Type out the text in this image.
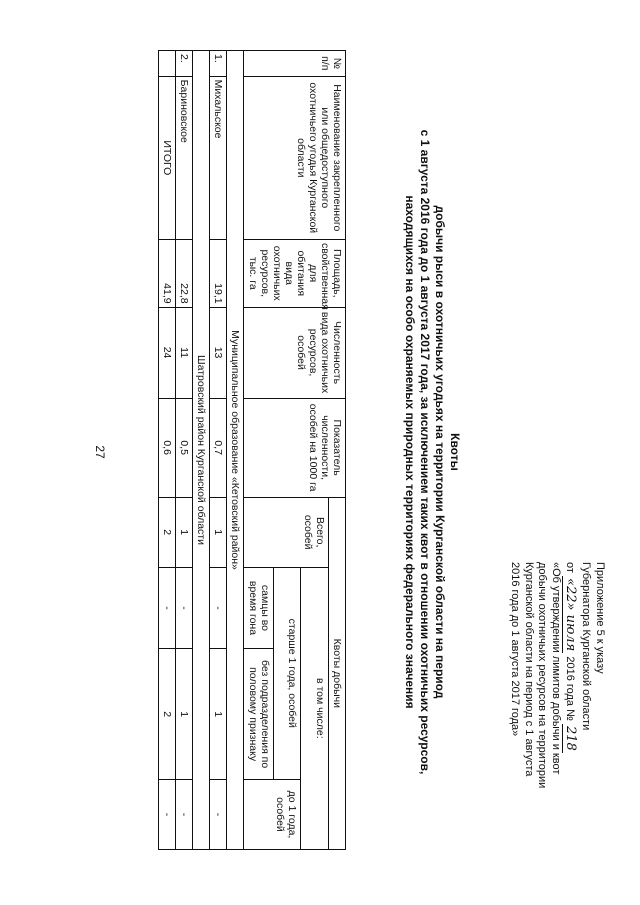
27
Приложение 5 к указу
Губернатора Курганской области
от «22» июля 2016 года № 218
«Об утверждении лимитов добычи и квот
добычи охотничьих ресурсов на территории
Курганской области на период с 1 августа
2016 года до 1 августа 2017 года»
Квоты
добычи рыси в охотничьих угодьях на территории Курганской области на период
с 1 августа 2016 года до 1 августа 2017 года, за исключением таких квот в отношении охотничьих ресурсов,
находящихся на особо охраняемых природных территориях федерального значения
№ п/п	Наименование закрепленного или общедоступного охотничьего угодья Курганской области	Площадь, свойственная для обитания вида охотничьих ресурсов, тыс. га	Численность вида охотничьих ресурсов, особей	Показатель численности, особей на 1000 га	Квоты добычи			
					Всего, особей	в том числе:		
						старше 1 года, особей		до 1 года, особей
						самцы во время гона	без подразделения по половому признаку	
Муниципальное образование «Кетовский район»								
1.	Михальское	19,1	13	0,7	1	-	1	-
Шатровский район Курганской области								
2.	Бариновское	22,8	11	0,5	1	-	1	-
	ИТОГО	41,9	24	0,6	2	-	2	-
